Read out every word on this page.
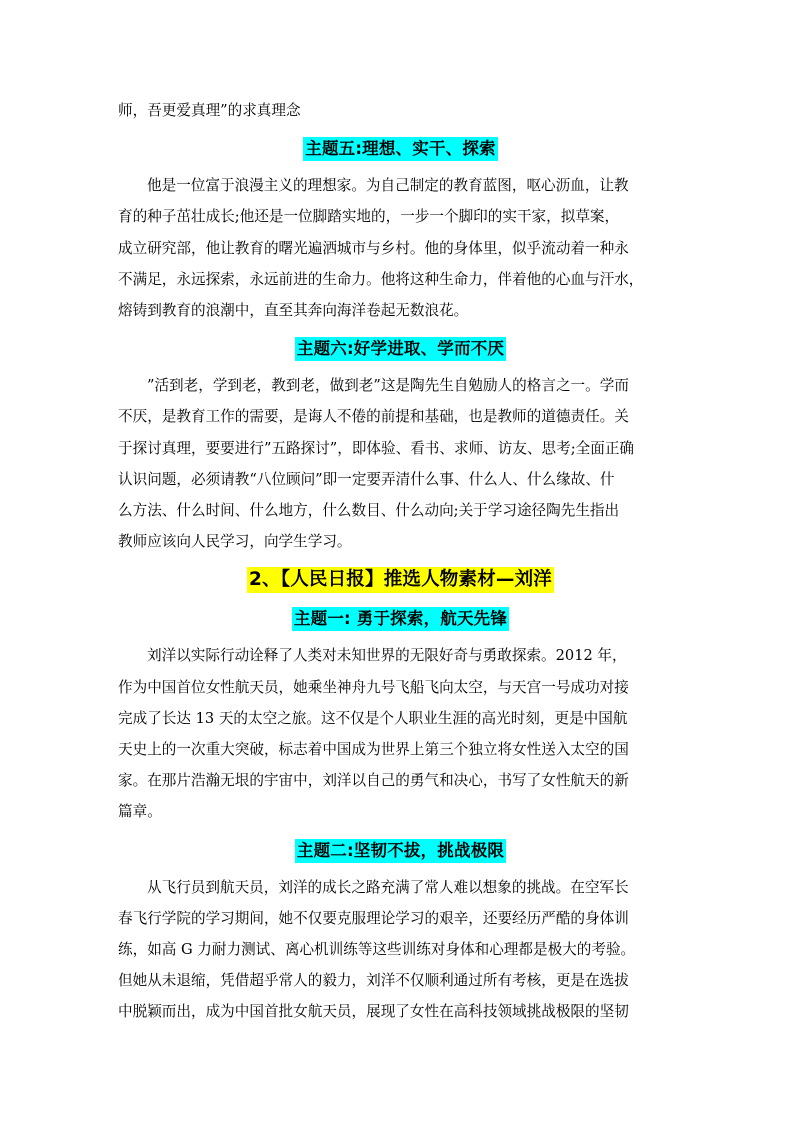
师，吾更爱真理”的求真理念

主题五:理想、实干、探索

他是一位富于浪漫主义的理想家。为自己制定的教育蓝图，呕心沥血，让教
育的种子茁壮成长;他还是一位脚踏实地的，一步一个脚印的实干家，拟草案，
成立研究部，他让教育的曙光遍洒城市与乡村。他的身体里，似乎流动着一种永
不满足，永远探索，永远前进的生命力。他将这种生命力，伴着他的心血与汗水，
熔铸到教育的浪潮中，直至其奔向海洋卷起无数浪花。

主题六:好学进取、学而不厌

”活到老，学到老，教到老，做到老”这是陶先生自勉励人的格言之一。学而
不厌，是教育工作的需要，是诲人不倦的前提和基础，也是教师的道德责任。关
于探讨真理，要要进行”五路探讨”，即体验、看书、求师、访友、思考;全面正确
认识问题，必须请教“八位顾问”即一定要弄清什么事、什么人、什么缘故、什
么方法、什么时间、什么地方，什么数目、什么动向;关于学习途径陶先生指出
教师应该向人民学习，向学生学习。

2、【人民日报】推选人物素材—刘洋
主题一: 勇于探索，航天先锋

刘洋以实际行动诠释了人类对未知世界的无限好奇与勇敢探索。2012 年，
作为中国首位女性航天员，她乘坐神舟九号飞船飞向太空，与天宫一号成功对接
完成了长达 13 天的太空之旅。这不仅是个人职业生涯的高光时刻，更是中国航
天史上的一次重大突破，标志着中国成为世界上第三个独立将女性送入太空的国
家。在那片浩瀚无垠的宇宙中，刘洋以自己的勇气和决心，书写了女性航天的新
篇章。

主题二:坚韧不拔，挑战极限

从飞行员到航天员，刘洋的成长之路充满了常人难以想象的挑战。在空军长
春飞行学院的学习期间，她不仅要克服理论学习的艰辛，还要经历严酷的身体训
练，如高 G 力耐力测试、离心机训练等这些训练对身体和心理都是极大的考验。
但她从未退缩，凭借超乎常人的毅力，刘洋不仅顺利通过所有考核，更是在选拔
中脱颖而出，成为中国首批女航天员，展现了女性在高科技领域挑战极限的坚韧
